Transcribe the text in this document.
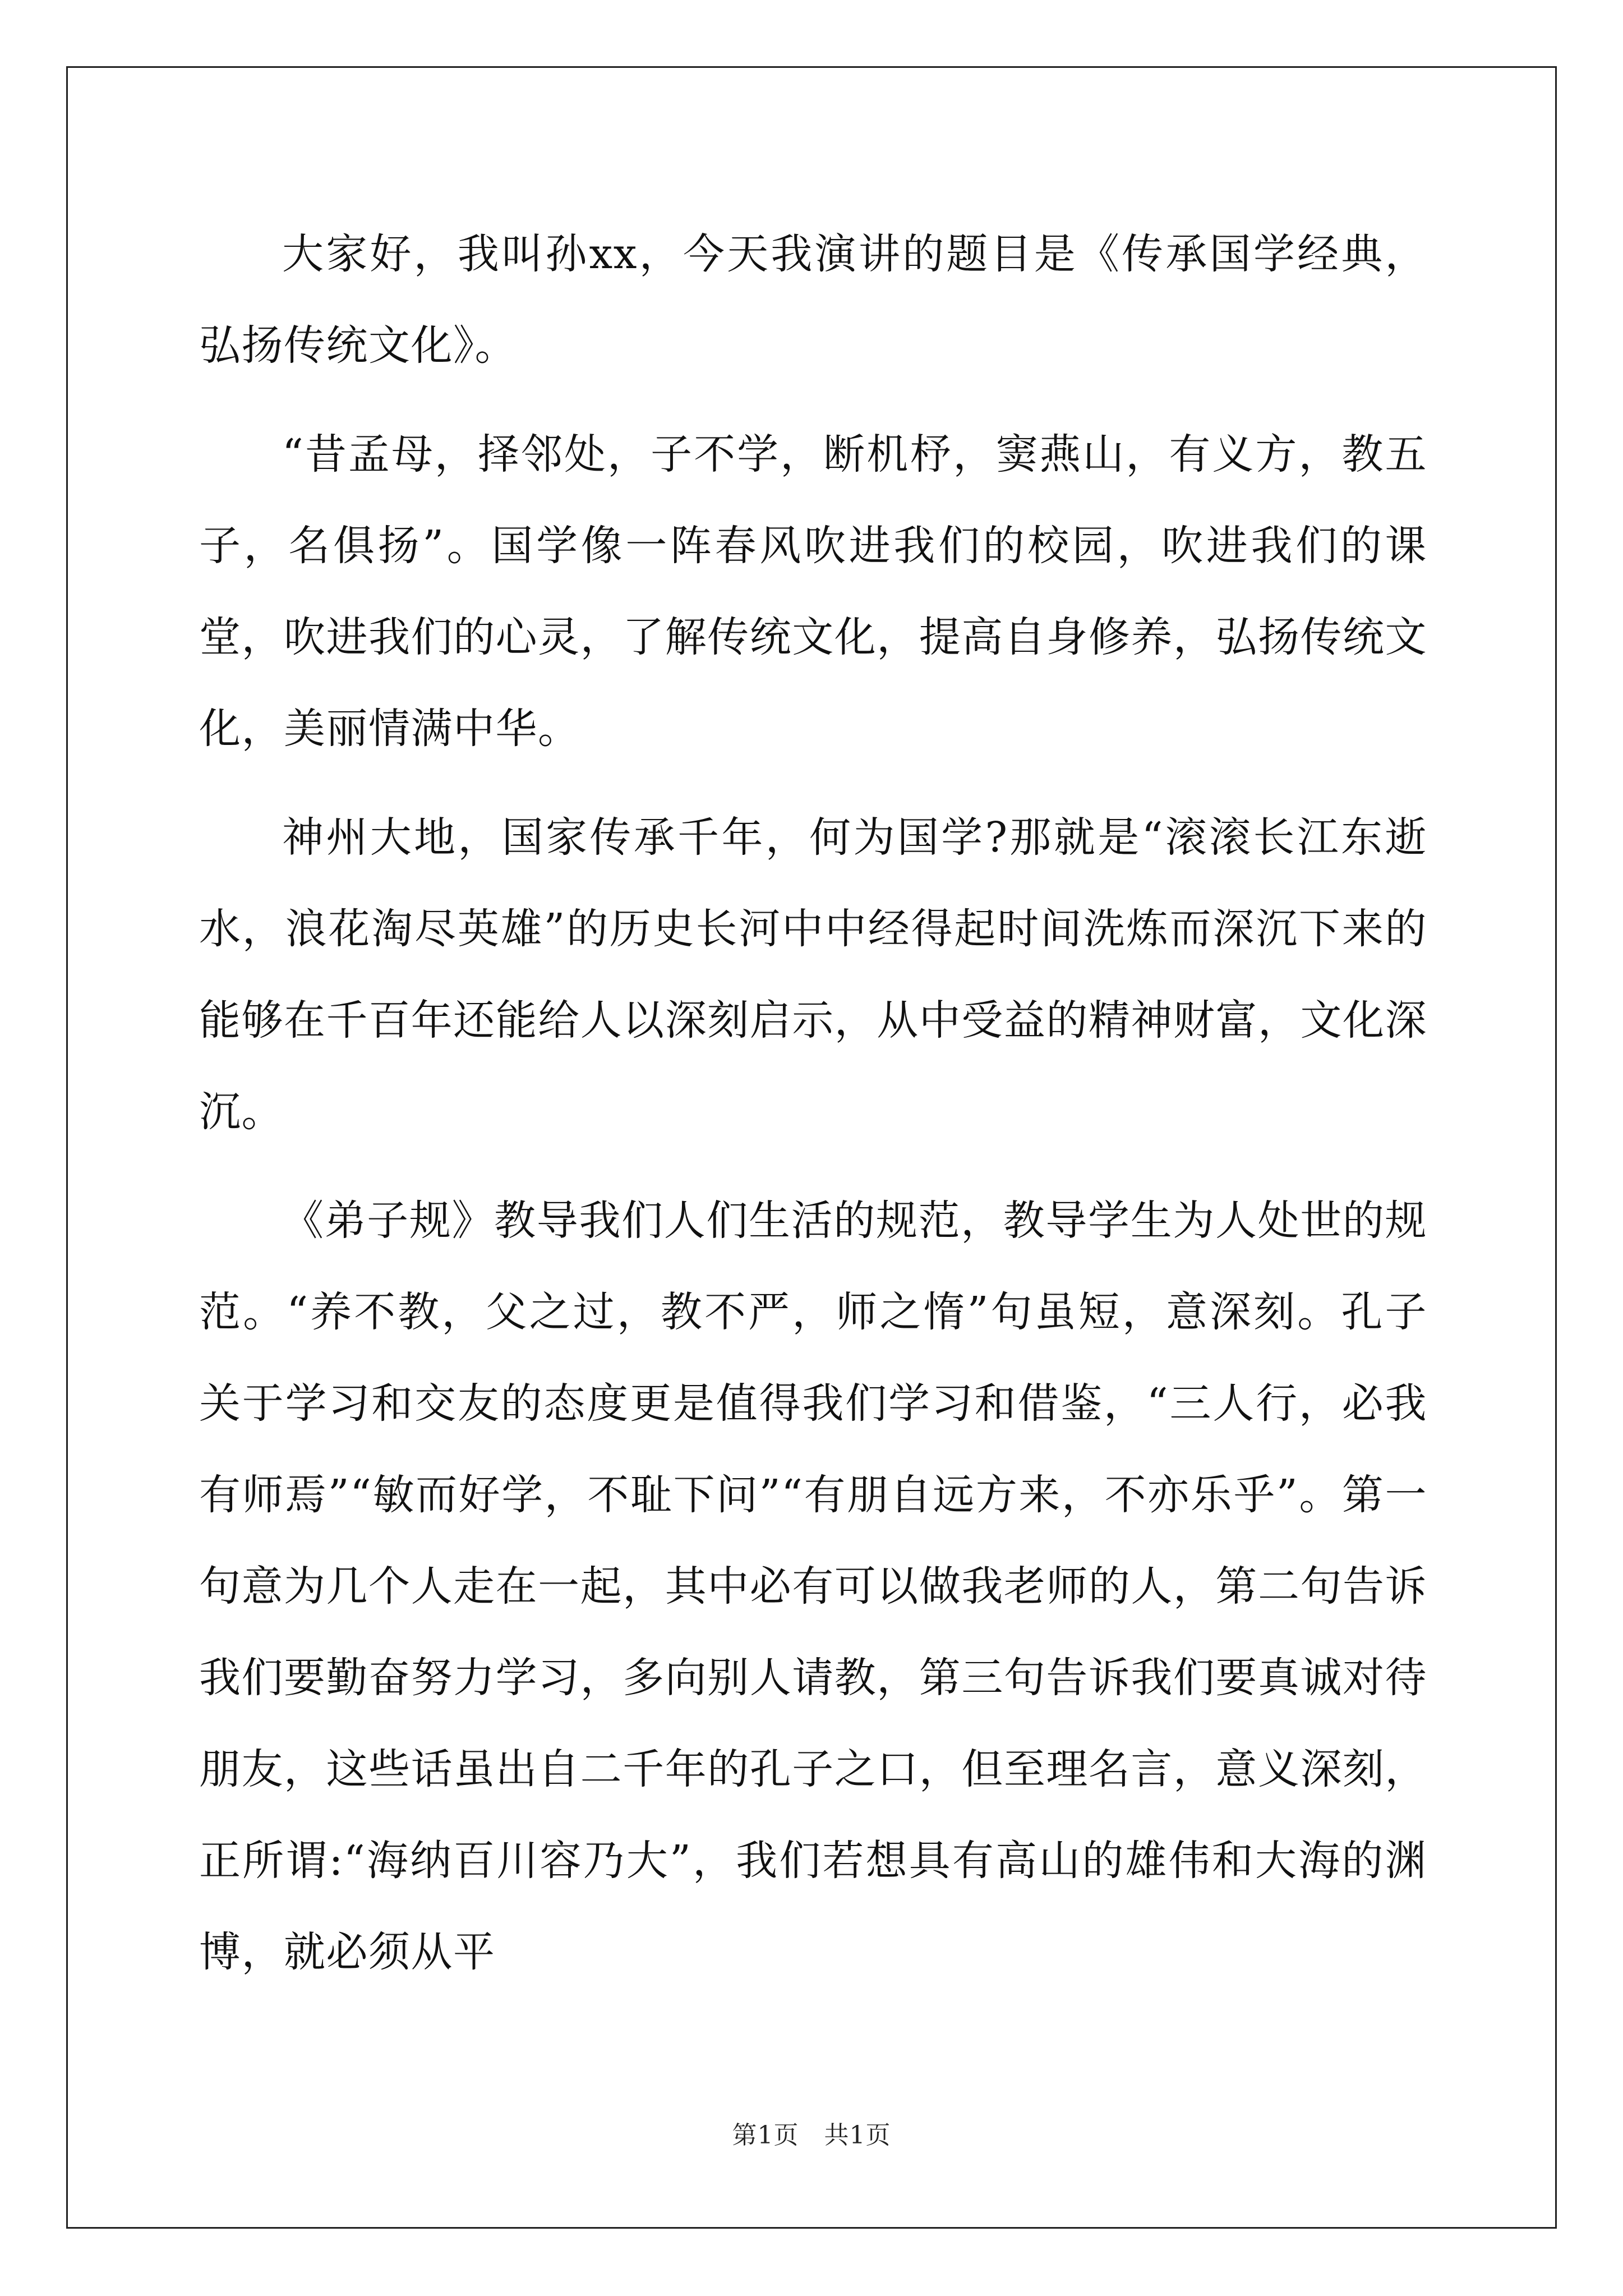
大家好，我叫孙xx，今天我演讲的题目是《传承国学经典，弘扬传统文化》。

“昔孟母，择邻处，子不学，断机杼，窦燕山，有义方，教五子，名俱扬”。国学像一阵春风吹进我们的校园，吹进我们的课堂，吹进我们的心灵，了解传统文化，提高自身修养，弘扬传统文化，美丽情满中华。

神州大地，国家传承千年，何为国学?那就是“滚滚长江东逝水，浪花淘尽英雄”的历史长河中中经得起时间洗炼而深沉下来的能够在千百年还能给人以深刻启示，从中受益的精神财富，文化深沉。

《弟子规》教导我们人们生活的规范，教导学生为人处世的规范。“养不教，父之过，教不严，师之惰”句虽短，意深刻。孔子关于学习和交友的态度更是值得我们学习和借鉴，“三人行，必我有师焉”“敏而好学，不耻下问”“有朋自远方来，不亦乐乎”。第一句意为几个人走在一起，其中必有可以做我老师的人，第二句告诉我们要勤奋努力学习，多向别人请教，第三句告诉我们要真诚对待朋友，这些话虽出自二千年的孔子之口，但至理名言，意义深刻，正所谓:“海纳百川容乃大”，我们若想具有高山的雄伟和大海的渊博，就必须从平

第1页　共1页
